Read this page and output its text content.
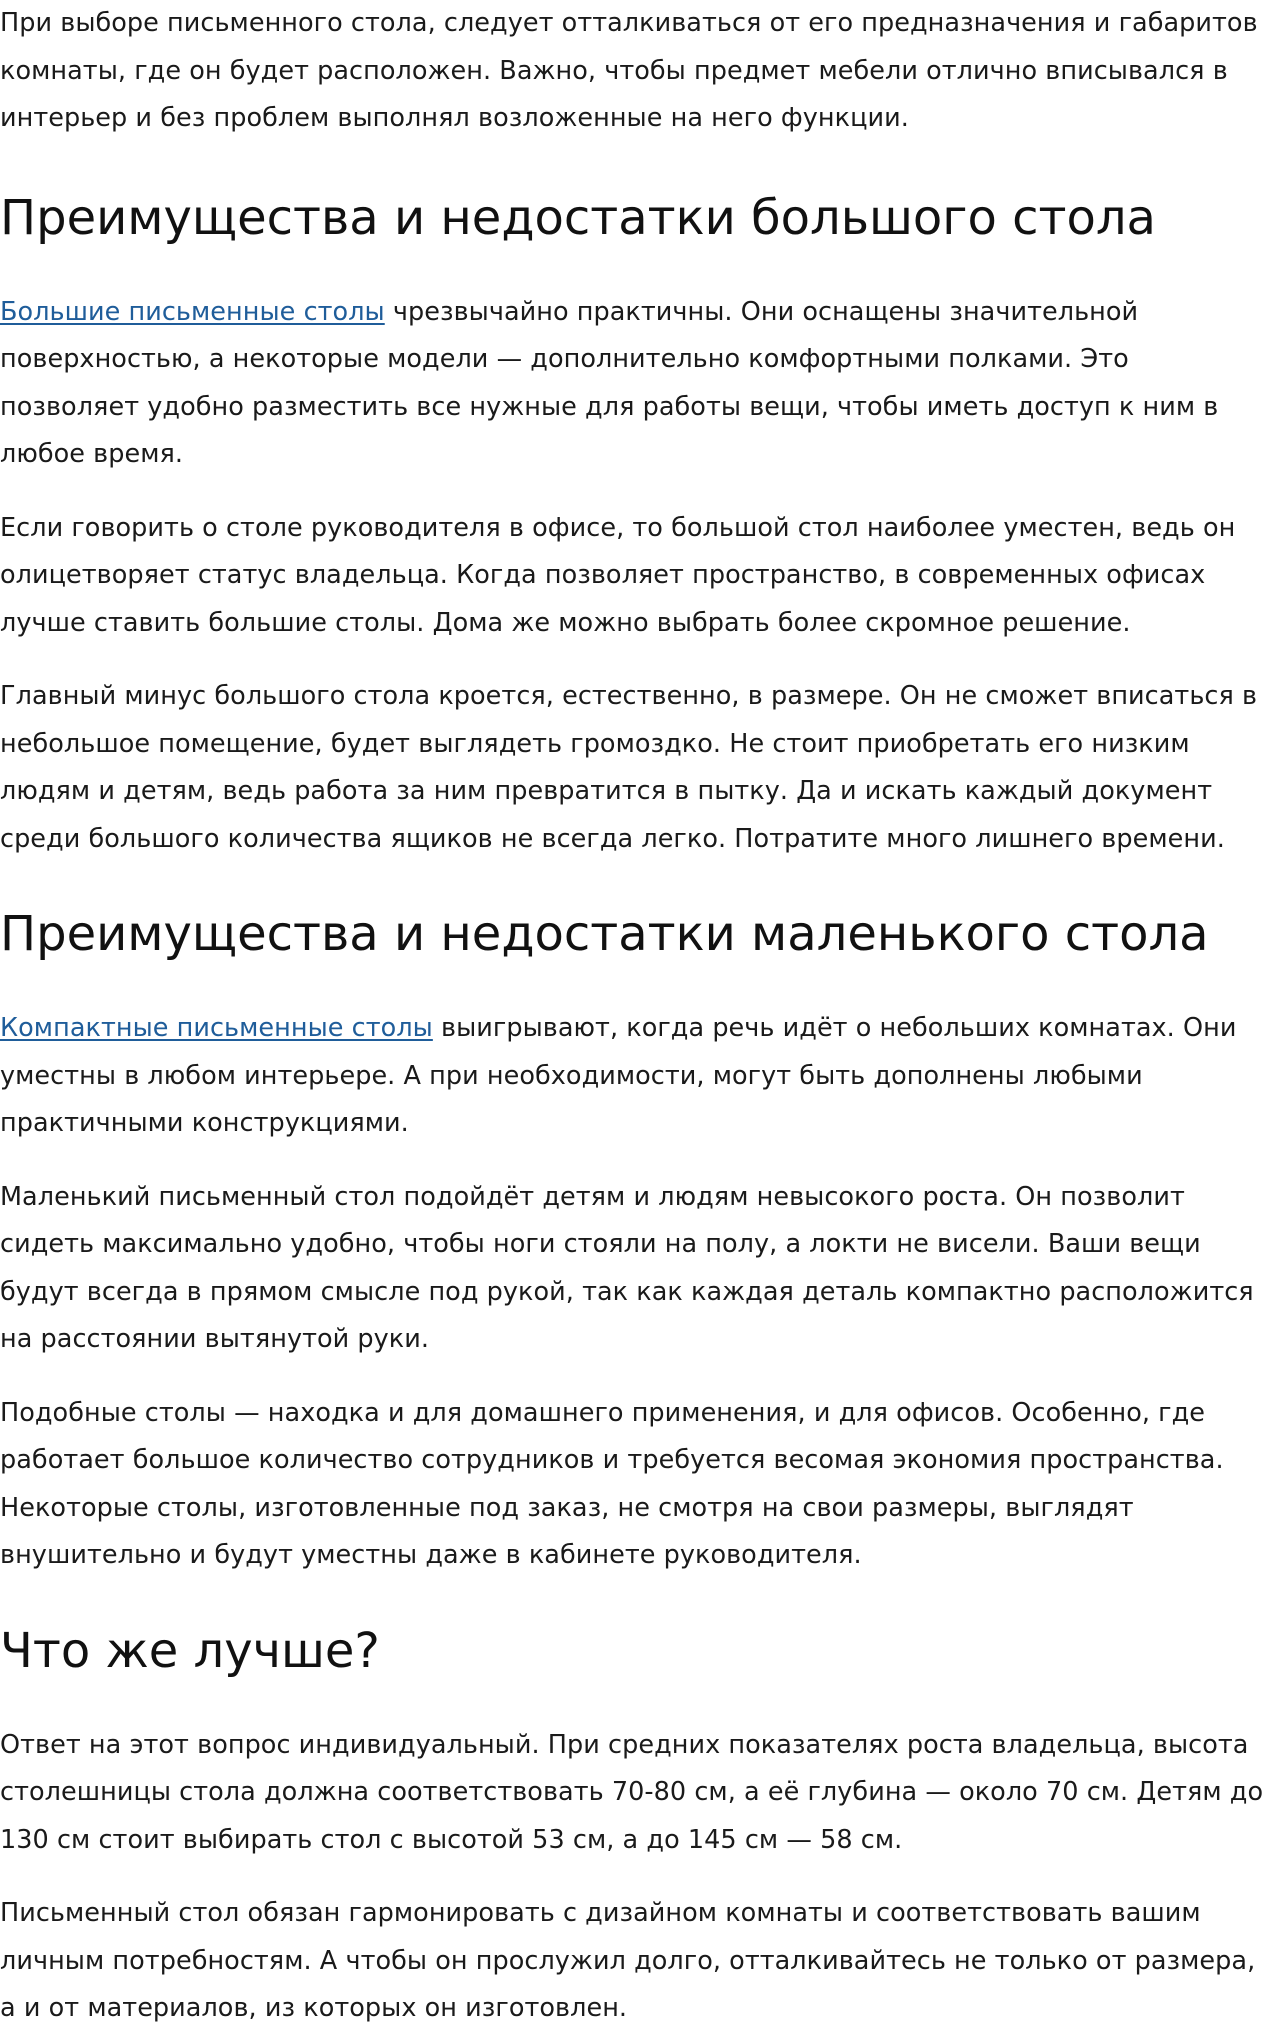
При выборе письменного стола, следует отталкиваться от его предназначения и габаритов комнаты, где он будет расположен. Важно, чтобы предмет мебели отлично вписывался в интерьер и без проблем выполнял возложенные на него функции.

Преимущества и недостатки большого стола

Большие письменные столы чрезвычайно практичны. Они оснащены значительной поверхностью, а некоторые модели — дополнительно комфортными полками. Это позволяет удобно разместить все нужные для работы вещи, чтобы иметь доступ к ним в любое время.

Если говорить о столе руководителя в офисе, то большой стол наиболее уместен, ведь он олицетворяет статус владельца. Когда позволяет пространство, в современных офисах лучше ставить большие столы. Дома же можно выбрать более скромное решение.

Главный минус большого стола кроется, естественно, в размере. Он не сможет вписаться в небольшое помещение, будет выглядеть громоздко. Не стоит приобретать его низким людям и детям, ведь работа за ним превратится в пытку. Да и искать каждый документ среди большого количества ящиков не всегда легко. Потратите много лишнего времени.

Преимущества и недостатки маленького стола

Компактные письменные столы выигрывают, когда речь идёт о небольших комнатах. Они уместны в любом интерьере. А при необходимости, могут быть дополнены любыми практичными конструкциями.

Маленький письменный стол подойдёт детям и людям невысокого роста. Он позволит сидеть максимально удобно, чтобы ноги стояли на полу, а локти не висели. Ваши вещи будут всегда в прямом смысле под рукой, так как каждая деталь компактно расположится на расстоянии вытянутой руки.

Подобные столы — находка и для домашнего применения, и для офисов. Особенно, где работает большое количество сотрудников и требуется весомая экономия пространства. Некоторые столы, изготовленные под заказ, не смотря на свои размеры, выглядят внушительно и будут уместны даже в кабинете руководителя.

Что же лучше?

Ответ на этот вопрос индивидуальный. При средних показателях роста владельца, высота столешницы стола должна соответствовать 70-80 см, а её глубина — около 70 см. Детям до 130 см стоит выбирать стол с высотой 53 см, а до 145 см — 58 см.

Письменный стол обязан гармонировать с дизайном комнаты и соответствовать вашим личным потребностям. А чтобы он прослужил долго, отталкивайтесь не только от размера, а и от материалов, из которых он изготовлен.
